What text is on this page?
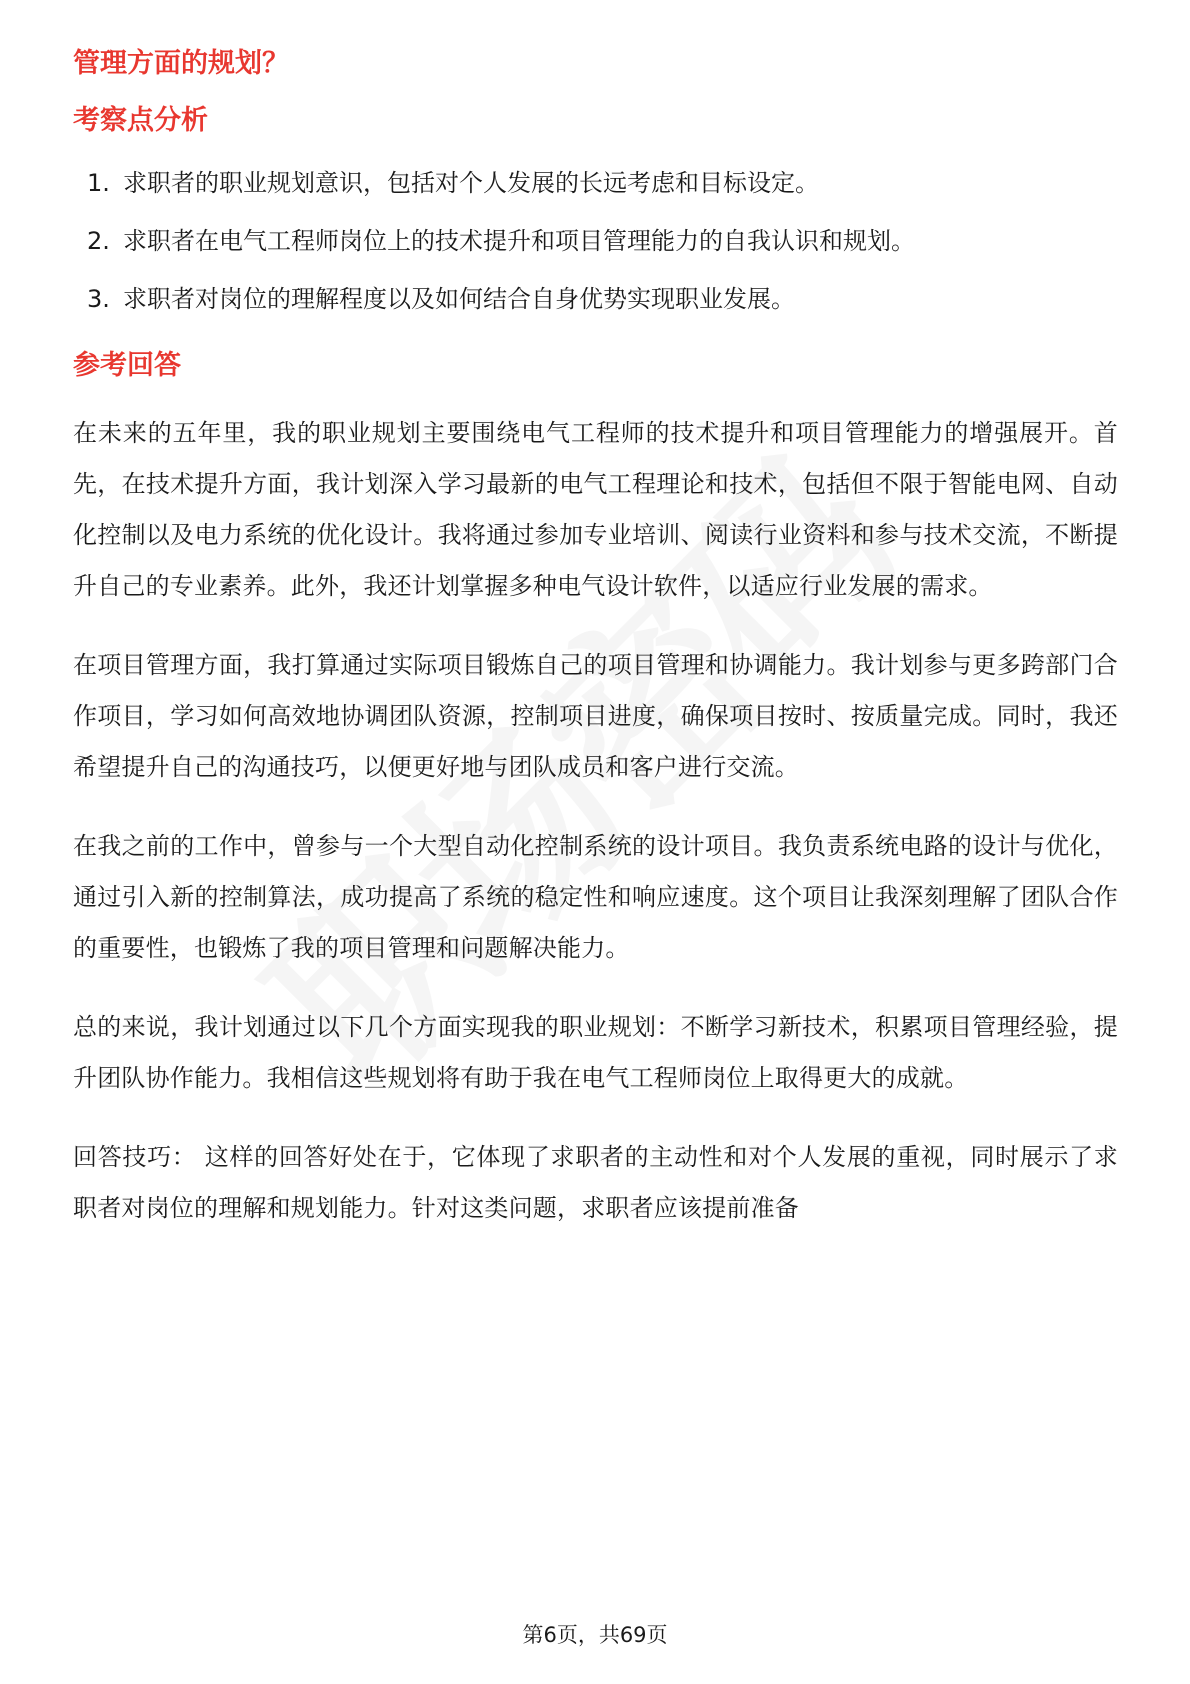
管理方面的规划？
考察点分析
1. 求职者的职业规划意识，包括对个人发展的长远考虑和目标设定。
2. 求职者在电气工程师岗位上的技术提升和项目管理能力的自我认识和规划。
3. 求职者对岗位的理解程度以及如何结合自身优势实现职业发展。
参考回答

在未来的五年里，我的职业规划主要围绕电气工程师的技术提升和项目管理能力的增强展开。首先，在技术提升方面，我计划深入学习最新的电气工程理论和技术，包括但不限于智能电网、自动化控制以及电力系统的优化设计。我将通过参加专业培训、阅读行业资料和参与技术交流，不断提升自己的专业素养。此外，我还计划掌握多种电气设计软件，以适应行业发展的需求。

在项目管理方面，我打算通过实际项目锻炼自己的项目管理和协调能力。我计划参与更多跨部门合作项目，学习如何高效地协调团队资源，控制项目进度，确保项目按时、按质量完成。同时，我还希望提升自己的沟通技巧，以便更好地与团队成员和客户进行交流。

在我之前的工作中，曾参与一个大型自动化控制系统的设计项目。我负责系统电路的设计与优化，通过引入新的控制算法，成功提高了系统的稳定性和响应速度。这个项目让我深刻理解了团队合作的重要性，也锻炼了我的项目管理和问题解决能力。

总的来说，我计划通过以下几个方面实现我的职业规划：不断学习新技术，积累项目管理经验，提升团队协作能力。我相信这些规划将有助于我在电气工程师岗位上取得更大的成就。

回答技巧： 这样的回答好处在于，它体现了求职者的主动性和对个人发展的重视，同时展示了求职者对岗位的理解和规划能力。针对这类问题，求职者应该提前准备

第6页，共69页
